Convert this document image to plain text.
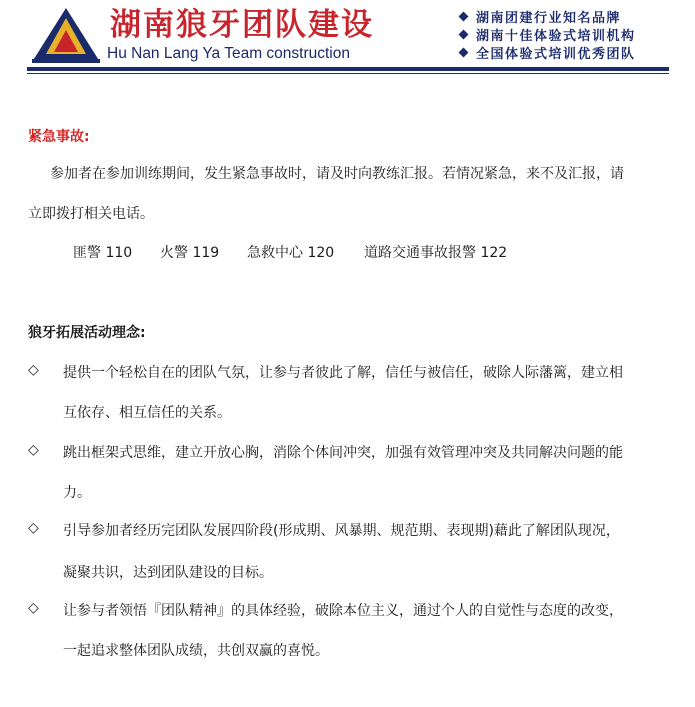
湖南狼牙团队建设
Hu Nan Lang Ya Team construction
湖南团建行业知名品牌
湖南十佳体验式培训机构
全国体验式培训优秀团队
紧急事故:
参加者在参加训练期间，发生紧急事故时，请及时向教练汇报。若情况紧急，来不及汇报，请
立即拨打相关电话。
匪警 110	火警 119	急救中心 120	道路交通事故报警 122
狼牙拓展活动理念:
◇ 提供一个轻松自在的团队气氛，让参与者彼此了解，信任与被信任，破除人际藩篱，建立相
互依存、相互信任的关系。
◇ 跳出框架式思维，建立开放心胸，消除个体间冲突，加强有效管理冲突及共同解决问题的能
力。
◇ 引导参加者经历完团队发展四阶段(形成期、风暴期、规范期、表现期)藉此了解团队现况，
凝聚共识，达到团队建设的目标。
◇ 让参与者领悟『团队精神』的具体经验，破除本位主义，通过个人的自觉性与态度的改变，
一起追求整体团队成绩，共创双赢的喜悦。
